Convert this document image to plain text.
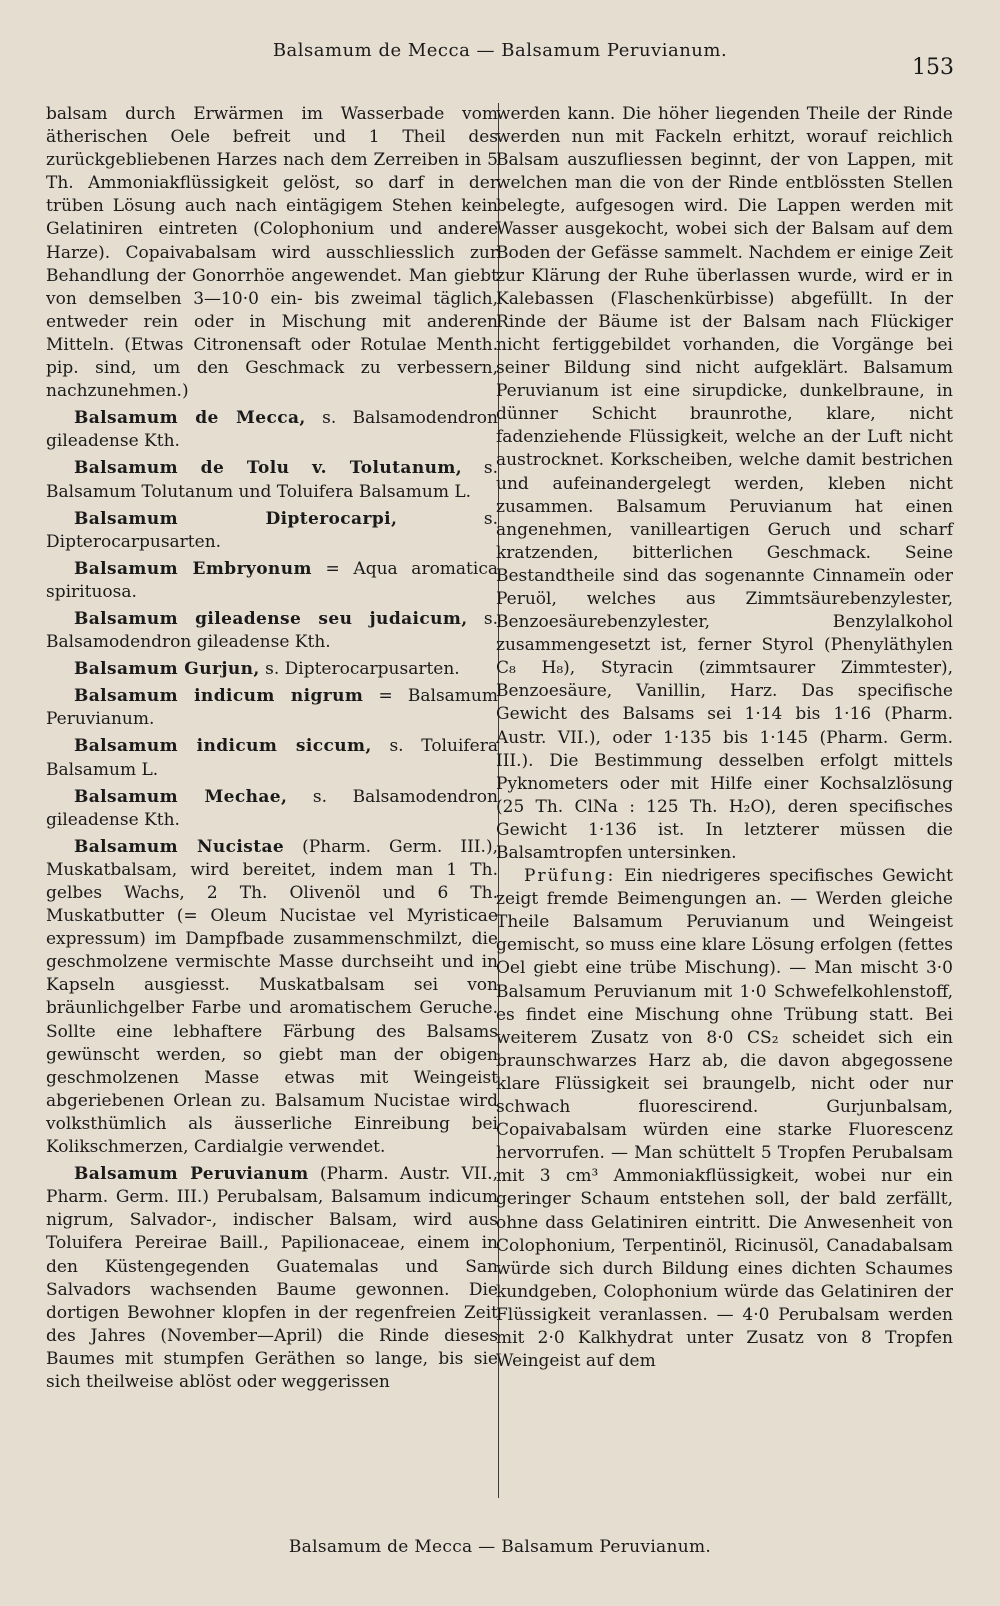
Balsamum de Mecca — Balsamum Peruvianum.
153

balsam durch Erwärmen im Wasserbade vom ätherischen Oele befreit und 1 Theil des zurückgebliebenen Harzes nach dem Zerreiben in 5 Th. Ammoniakflüssigkeit gelöst, so darf in der trüben Lösung auch nach eintägigem Stehen kein Gelatiniren eintreten (Colophonium und andere Harze). Copaivabalsam wird ausschliesslich zur Behandlung der Gonorrhöe angewendet. Man giebt von demselben 3—10·0 ein- bis zweimal täglich, entweder rein oder in Mischung mit anderen Mitteln. (Etwas Citronensaft oder Rotulae Menth. pip. sind, um den Geschmack zu verbessern, nachzunehmen.)

Balsamum de Mecca, s. Balsamodendron gileadense Kth.

Balsamum de Tolu v. Tolutanum, s. Balsamum Tolutanum und Toluifera Balsamum L.

Balsamum Dipterocarpi, s. Dipterocarpusarten.

Balsamum Embryonum = Aqua aromatica spirituosa.

Balsamum gileadense seu judaicum, s. Balsamodendron gileadense Kth.

Balsamum Gurjun, s. Dipterocarpusarten.

Balsamum indicum nigrum = Balsamum Peruvianum.

Balsamum indicum siccum, s. Toluifera Balsamum L.

Balsamum Mechae, s. Balsamodendron gileadense Kth.

Balsamum Nucistae (Pharm. Germ. III.), Muskatbalsam, wird bereitet, indem man 1 Th. gelbes Wachs, 2 Th. Olivenöl und 6 Th. Muskatbutter (= Oleum Nucistae vel Myristicae expressum) im Dampfbade zusammenschmilzt, die geschmolzene vermischte Masse durchseiht und in Kapseln ausgiesst. Muskatbalsam sei von bräunlichgelber Farbe und aromatischem Geruche. Sollte eine lebhaftere Färbung des Balsams gewünscht werden, so giebt man der obigen geschmolzenen Masse etwas mit Weingeist abgeriebenen Orlean zu. Balsamum Nucistae wird volksthümlich als äusserliche Einreibung bei Kolikschmerzen, Cardialgie verwendet.

Balsamum Peruvianum (Pharm. Austr. VII., Pharm. Germ. III.) Perubalsam, Balsamum indicum nigrum, Salvador-, indischer Balsam, wird aus Toluifera Pereirae Baill., Papilionaceae, einem in den Küstengegenden Guatemalas und San Salvadors wachsenden Baume gewonnen. Die dortigen Bewohner klopfen in der regenfreien Zeit des Jahres (November—April) die Rinde dieses Baumes mit stumpfen Geräthen so lange, bis sie sich theilweise ablöst oder weggerissen

werden kann. Die höher liegenden Theile der Rinde werden nun mit Fackeln erhitzt, worauf reichlich Balsam auszufliessen beginnt, der von Lappen, mit welchen man die von der Rinde entblössten Stellen belegte, aufgesogen wird. Die Lappen werden mit Wasser ausgekocht, wobei sich der Balsam auf dem Boden der Gefässe sammelt. Nachdem er einige Zeit zur Klärung der Ruhe überlassen wurde, wird er in Kalebassen (Flaschenkürbisse) abgefüllt. In der Rinde der Bäume ist der Balsam nach Flückiger nicht fertiggebildet vorhanden, die Vorgänge bei seiner Bildung sind nicht aufgeklärt. Balsamum Peruvianum ist eine sirupdicke, dunkelbraune, in dünner Schicht braunrothe, klare, nicht fadenziehende Flüssigkeit, welche an der Luft nicht austrocknet. Korkscheiben, welche damit bestrichen und aufeinandergelegt werden, kleben nicht zusammen. Balsamum Peruvianum hat einen angenehmen, vanilleartigen Geruch und scharf kratzenden, bitterlichen Geschmack. Seine Bestandtheile sind das sogenannte Cinnameïn oder Peruöl, welches aus Zimmtsäurebenzylester, Benzoesäurebenzylester, Benzylalkohol zusammengesetzt ist, ferner Styrol (Phenyläthylen C₈ H₈), Styracin (zimmtsaurer Zimmtester), Benzoesäure, Vanillin, Harz. Das specifische Gewicht des Balsams sei 1·14 bis 1·16 (Pharm. Austr. VII.), oder 1·135 bis 1·145 (Pharm. Germ. III.). Die Bestimmung desselben erfolgt mittels Pyknometers oder mit Hilfe einer Kochsalzlösung (25 Th. ClNa : 125 Th. H₂O), deren specifisches Gewicht 1·136 ist. In letzterer müssen die Balsamtropfen untersinken.

Prüfung: Ein niedrigeres specifisches Gewicht zeigt fremde Beimengungen an. — Werden gleiche Theile Balsamum Peruvianum und Weingeist gemischt, so muss eine klare Lösung erfolgen (fettes Oel giebt eine trübe Mischung). — Man mischt 3·0 Balsamum Peruvianum mit 1·0 Schwefelkohlenstoff, es findet eine Mischung ohne Trübung statt. Bei weiterem Zusatz von 8·0 CS₂ scheidet sich ein braunschwarzes Harz ab, die davon abgegossene klare Flüssigkeit sei braungelb, nicht oder nur schwach fluorescirend. Gurjunbalsam, Copaivabalsam würden eine starke Fluorescenz hervorrufen. — Man schüttelt 5 Tropfen Perubalsam mit 3 cm³ Ammoniakflüssigkeit, wobei nur ein geringer Schaum entstehen soll, der bald zerfällt, ohne dass Gelatiniren eintritt. Die Anwesenheit von Colophonium, Terpentinöl, Ricinusöl, Canadabalsam würde sich durch Bildung eines dichten Schaumes kundgeben, Colophonium würde das Gelatiniren der Flüssigkeit veranlassen. — 4·0 Perubalsam werden mit 2·0 Kalkhydrat unter Zusatz von 8 Tropfen Weingeist auf dem

Balsamum de Mecca — Balsamum Peruvianum.
